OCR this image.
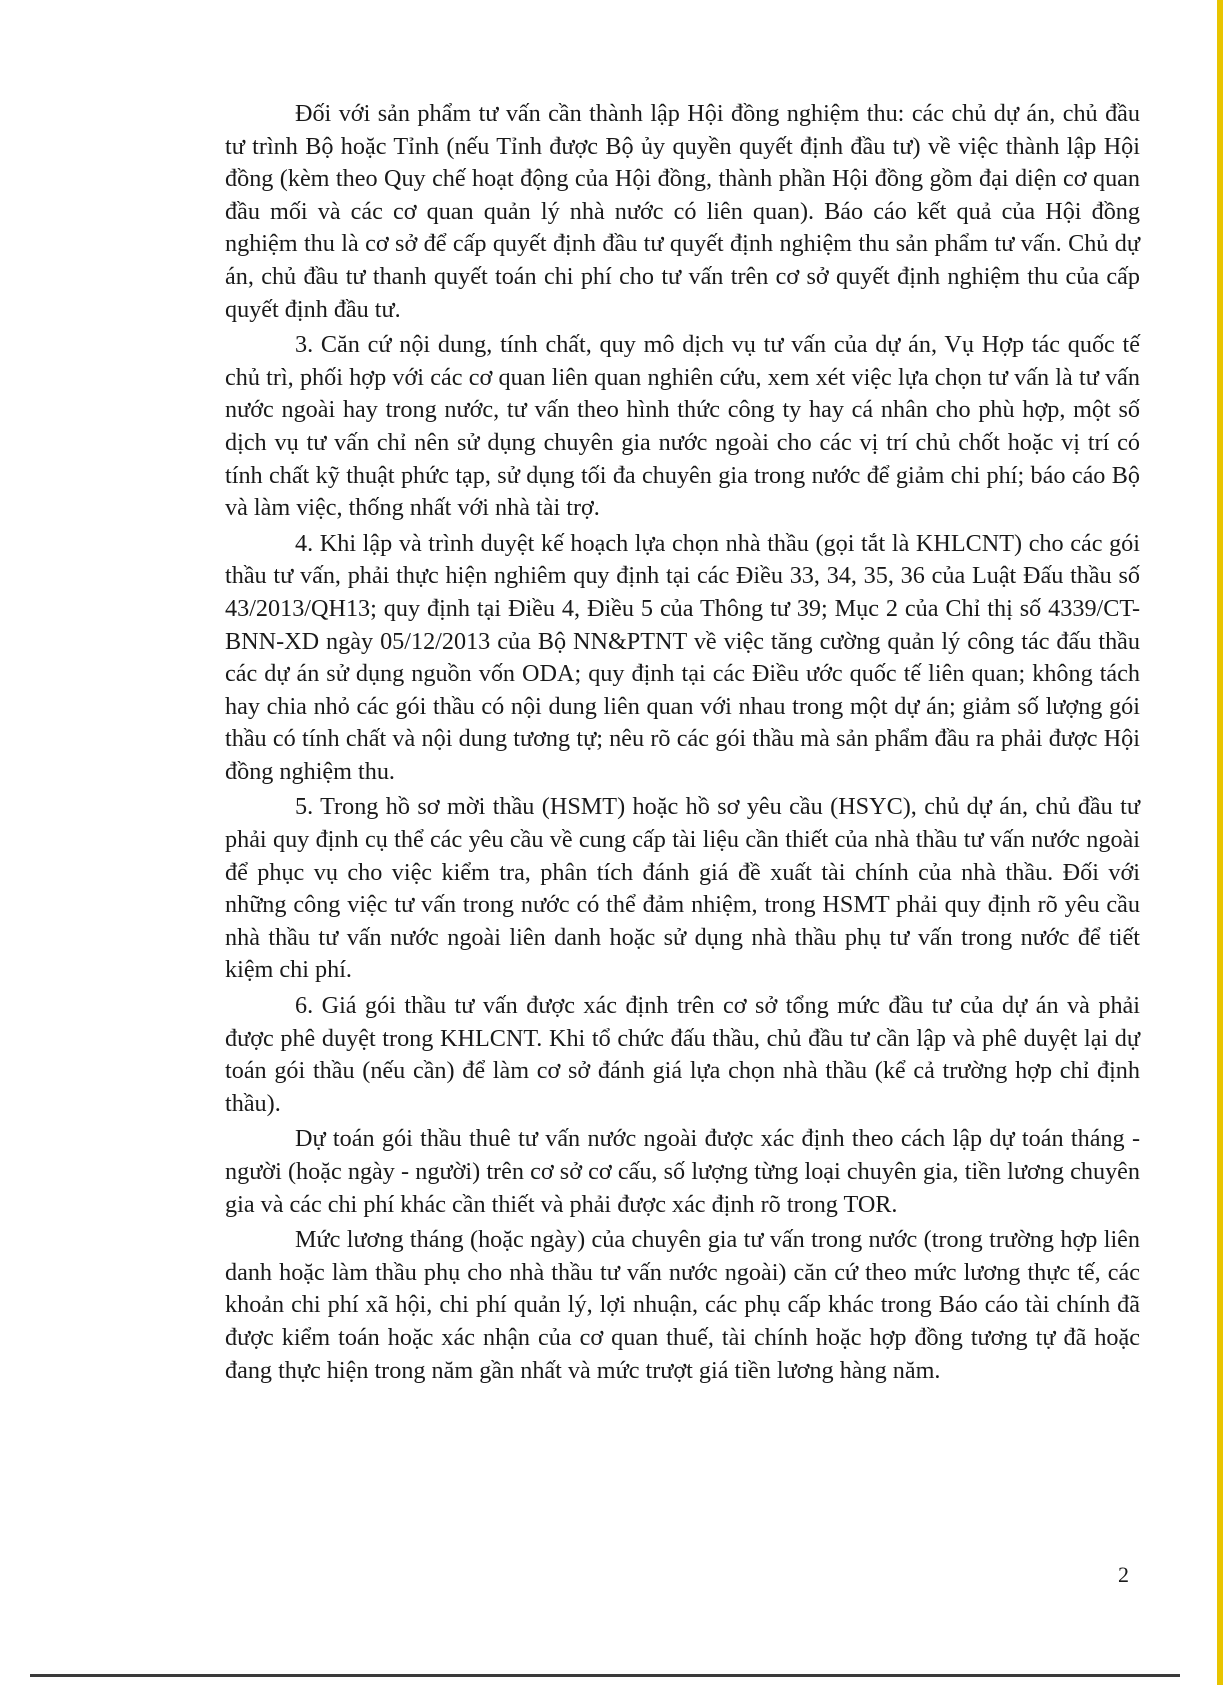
Đối với sản phẩm tư vấn cần thành lập Hội đồng nghiệm thu: các chủ dự án, chủ đầu tư trình Bộ hoặc Tỉnh (nếu Tỉnh được Bộ ủy quyền quyết định đầu tư) về việc thành lập Hội đồng (kèm theo Quy chế hoạt động của Hội đồng, thành phần Hội đồng gồm đại diện cơ quan đầu mối và các cơ quan quản lý nhà nước có liên quan). Báo cáo kết quả của Hội đồng nghiệm thu là cơ sở để cấp quyết định đầu tư quyết định nghiệm thu sản phẩm tư vấn. Chủ dự án, chủ đầu tư thanh quyết toán chi phí cho tư vấn trên cơ sở quyết định nghiệm thu của cấp quyết định đầu tư.

3. Căn cứ nội dung, tính chất, quy mô dịch vụ tư vấn của dự án, Vụ Hợp tác quốc tế chủ trì, phối hợp với các cơ quan liên quan nghiên cứu, xem xét việc lựa chọn tư vấn là tư vấn nước ngoài hay trong nước, tư vấn theo hình thức công ty hay cá nhân cho phù hợp, một số dịch vụ tư vấn chỉ nên sử dụng chuyên gia nước ngoài cho các vị trí chủ chốt hoặc vị trí có tính chất kỹ thuật phức tạp, sử dụng tối đa chuyên gia trong nước để giảm chi phí; báo cáo Bộ và làm việc, thống nhất với nhà tài trợ.

4. Khi lập và trình duyệt kế hoạch lựa chọn nhà thầu (gọi tắt là KHLCNT) cho các gói thầu tư vấn, phải thực hiện nghiêm quy định tại các Điều 33, 34, 35, 36 của Luật Đấu thầu số 43/2013/QH13; quy định tại Điều 4, Điều 5 của Thông tư 39; Mục 2 của Chỉ thị số 4339/CT-BNN-XD ngày 05/12/2013 của Bộ NN&PTNT về việc tăng cường quản lý công tác đấu thầu các dự án sử dụng nguồn vốn ODA; quy định tại các Điều ước quốc tế liên quan; không tách hay chia nhỏ các gói thầu có nội dung liên quan với nhau trong một dự án; giảm số lượng gói thầu có tính chất và nội dung tương tự; nêu rõ các gói thầu mà sản phẩm đầu ra phải được Hội đồng nghiệm thu.

5. Trong hồ sơ mời thầu (HSMT) hoặc hồ sơ yêu cầu (HSYC), chủ dự án, chủ đầu tư phải quy định cụ thể các yêu cầu về cung cấp tài liệu cần thiết của nhà thầu tư vấn nước ngoài để phục vụ cho việc kiểm tra, phân tích đánh giá đề xuất tài chính của nhà thầu. Đối với những công việc tư vấn trong nước có thể đảm nhiệm, trong HSMT phải quy định rõ yêu cầu nhà thầu tư vấn nước ngoài liên danh hoặc sử dụng nhà thầu phụ tư vấn trong nước để tiết kiệm chi phí.

6. Giá gói thầu tư vấn được xác định trên cơ sở tổng mức đầu tư của dự án và phải được phê duyệt trong KHLCNT. Khi tổ chức đấu thầu, chủ đầu tư cần lập và phê duyệt lại dự toán gói thầu (nếu cần) để làm cơ sở đánh giá lựa chọn nhà thầu (kể cả trường hợp chỉ định thầu).

Dự toán gói thầu thuê tư vấn nước ngoài được xác định theo cách lập dự toán tháng - người (hoặc ngày - người) trên cơ sở cơ cấu, số lượng từng loại chuyên gia, tiền lương chuyên gia và các chi phí khác cần thiết và phải được xác định rõ trong TOR.

Mức lương tháng (hoặc ngày) của chuyên gia tư vấn trong nước (trong trường hợp liên danh hoặc làm thầu phụ cho nhà thầu tư vấn nước ngoài) căn cứ theo mức lương thực tế, các khoản chi phí xã hội, chi phí quản lý, lợi nhuận, các phụ cấp khác trong Báo cáo tài chính đã được kiểm toán hoặc xác nhận của cơ quan thuế, tài chính hoặc hợp đồng tương tự đã hoặc đang thực hiện trong năm gần nhất và mức trượt giá tiền lương hàng năm.

2
